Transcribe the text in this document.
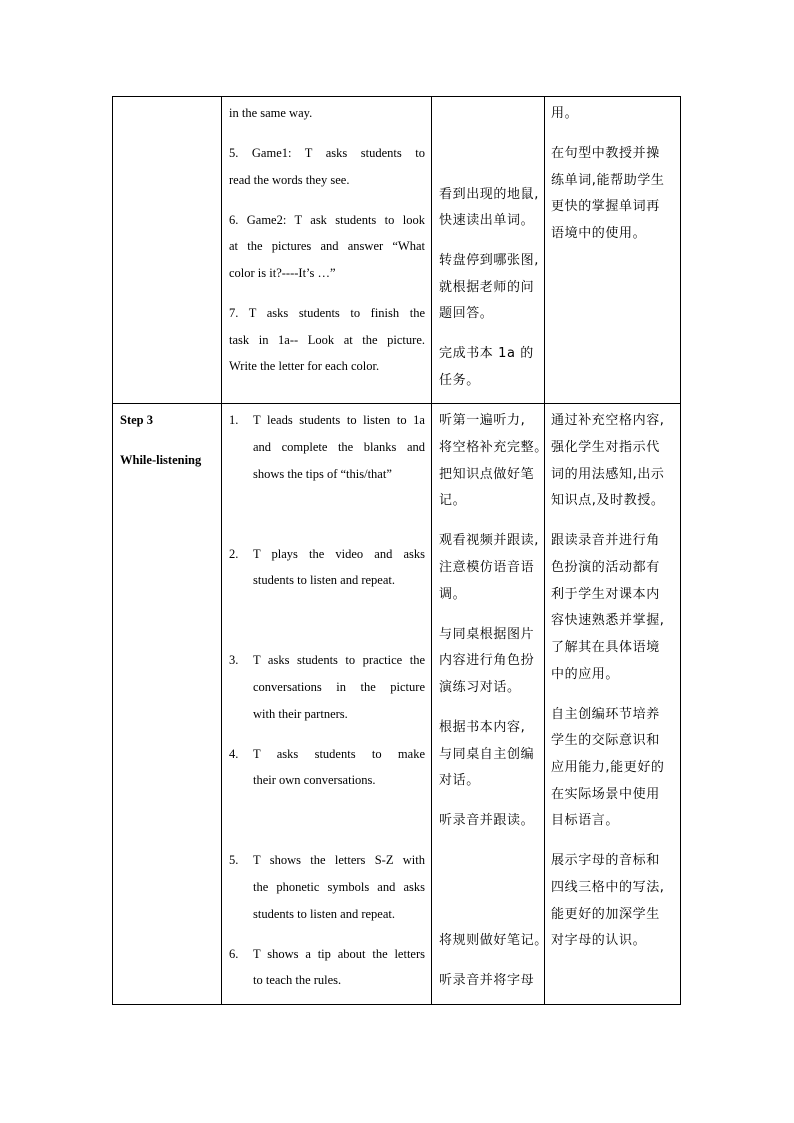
in the same way.
5. Game1: T asks students to
read the words they see.
6. Game2: T ask students to look
at the pictures and answer “What
color is it?----It’s …”
7. T asks students to finish the
task in 1a-- Look at the picture.
Write the letter for each color.
看到出现的地鼠,
快速读出单词。
转盘停到哪张图,
就根据老师的问
题回答。
完成书本 1a 的
任务。
用。
在句型中教授并操
练单词,能帮助学生
更快的掌握单词再
语境中的使用。
Step 3
While-listening
1. T leads students to listen to 1a
and complete the blanks and
shows the tips of “this/that”
2. T plays the video and asks
students to listen and repeat.
3. T asks students to practice the
conversations in the picture
with their partners.
4. T asks students to make
their own conversations.
5. T shows the letters S-Z with
the phonetic symbols and asks
students to listen and repeat.
6. T shows a tip about the letters
to teach the rules.
听第一遍听力,
将空格补充完整。
把知识点做好笔
记。
观看视频并跟读,
注意模仿语音语
调。
与同桌根据图片
内容进行角色扮
演练习对话。
根据书本内容,
与同桌自主创编
对话。
听录音并跟读。
将规则做好笔记。
听录音并将字母
通过补充空格内容,
强化学生对指示代
词的用法感知,出示
知识点,及时教授。
跟读录音并进行角
色扮演的活动都有
利于学生对课本内
容快速熟悉并掌握,
了解其在具体语境
中的应用。
自主创编环节培养
学生的交际意识和
应用能力,能更好的
在实际场景中使用
目标语言。
展示字母的音标和
四线三格中的写法,
能更好的加深学生
对字母的认识。
